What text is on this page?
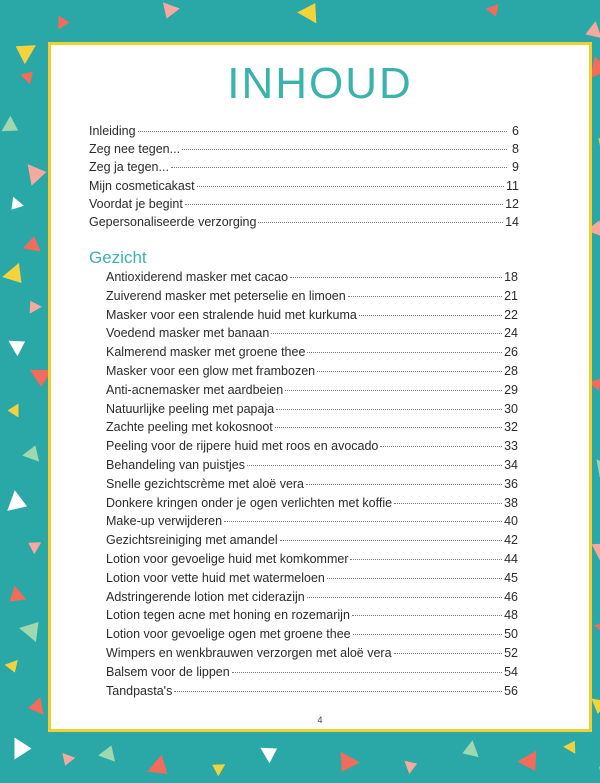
INHOUD
Inleiding	6
Zeg nee tegen...	8
Zeg ja tegen...	9
Mijn cosmeticakast	11
Voordat je begint	12
Gepersonaliseerde verzorging	14
Gezicht
Antioxiderend masker met cacao	18
Zuiverend masker met peterselie en limoen	21
Masker voor een stralende huid met kurkuma	22
Voedend masker met banaan	24
Kalmerend masker met groene thee	26
Masker voor een glow met frambozen	28
Anti-acnemasker met aardbeien	29
Natuurlijke peeling met papaja	30
Zachte peeling met kokosnoot	32
Peeling voor de rijpere huid met roos en avocado	33
Behandeling van puistjes	34
Snelle gezichtscrème met aloë vera	36
Donkere kringen onder je ogen verlichten met koffie	38
Make-up verwijderen	40
Gezichtsreiniging met amandel	42
Lotion voor gevoelige huid met komkommer	44
Lotion voor vette huid met watermeloen	45
Adstringerende lotion met ciderazijn	46
Lotion tegen acne met honing en rozemarijn	48
Lotion voor gevoelige ogen met groene thee	50
Wimpers en wenkbrauwen verzorgen met aloë vera	52
Balsem voor de lippen	54
Tandpasta's	56
4
